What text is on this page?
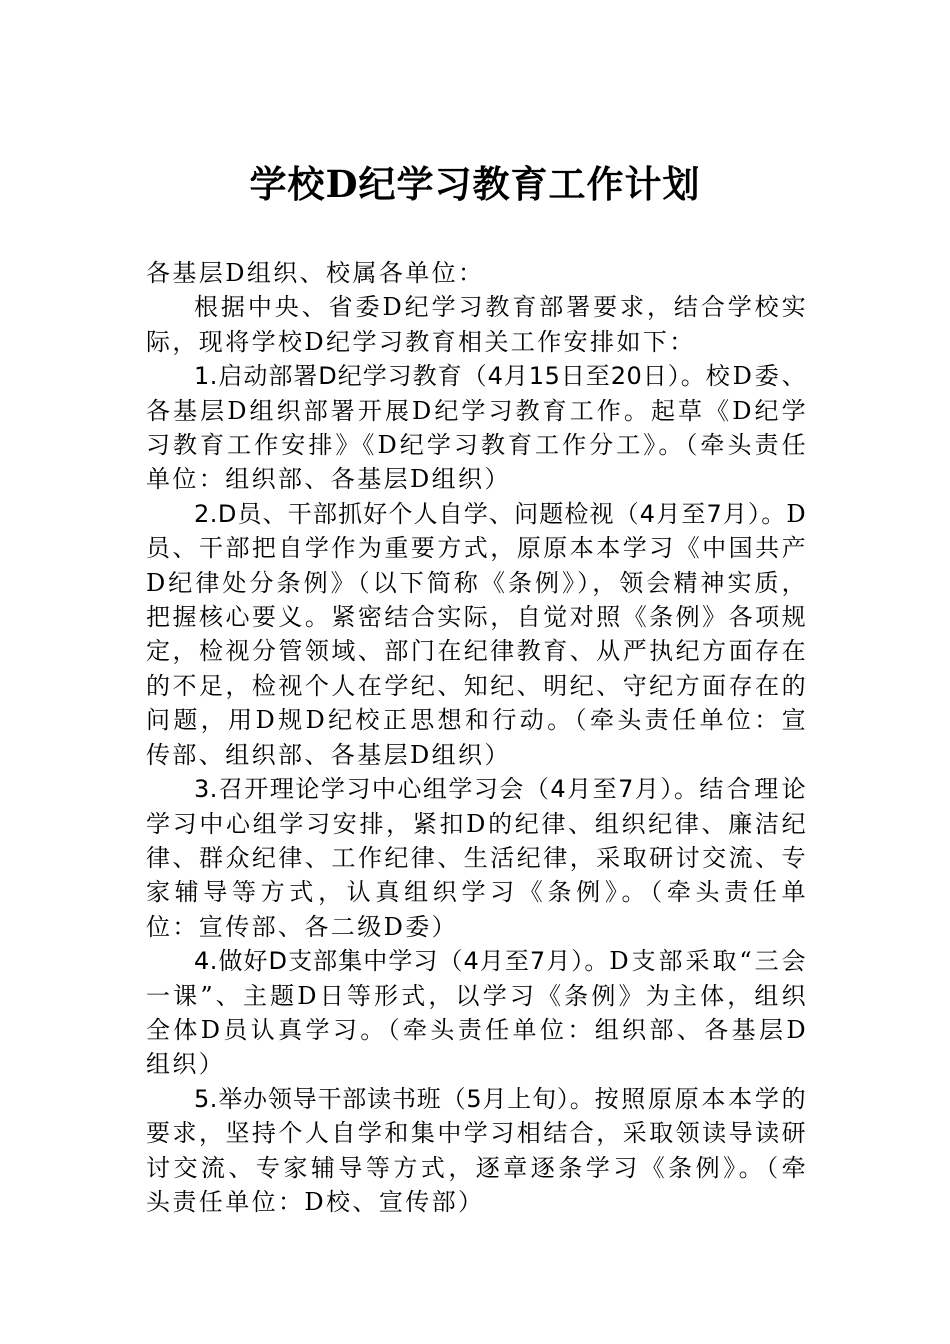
学校D纪学习教育工作计划

各基层D组织、校属各单位：

根据中央、省委D纪学习教育部署要求，结合学校实际，现将学校D纪学习教育相关工作安排如下：

1.启动部署D纪学习教育（4月15日至20日）。校D委、各基层D组织部署开展D纪学习教育工作。起草《D纪学习教育工作安排》《D纪学习教育工作分工》。（牵头责任单位：组织部、各基层D组织）

2.D员、干部抓好个人自学、问题检视（4月至7月）。D员、干部把自学作为重要方式，原原本本学习《中国共产D纪律处分条例》（以下简称《条例》），领会精神实质，把握核心要义。紧密结合实际，自觉对照《条例》各项规定，检视分管领域、部门在纪律教育、从严执纪方面存在的不足，检视个人在学纪、知纪、明纪、守纪方面存在的问题，用D规D纪校正思想和行动。（牵头责任单位：宣传部、组织部、各基层D组织）

3.召开理论学习中心组学习会（4月至7月）。结合理论学习中心组学习安排，紧扣D的纪律、组织纪律、廉洁纪律、群众纪律、工作纪律、生活纪律，采取研讨交流、专家辅导等方式，认真组织学习《条例》。（牵头责任单位：宣传部、各二级D委）

4.做好D支部集中学习（4月至7月）。D支部采取“三会一课”、主题D日等形式，以学习《条例》为主体，组织全体D员认真学习。（牵头责任单位：组织部、各基层D组织）

5.举办领导干部读书班（5月上旬）。按照原原本本学的要求，坚持个人自学和集中学习相结合，采取领读导读研讨交流、专家辅导等方式，逐章逐条学习《条例》。（牵头责任单位：D校、宣传部）
